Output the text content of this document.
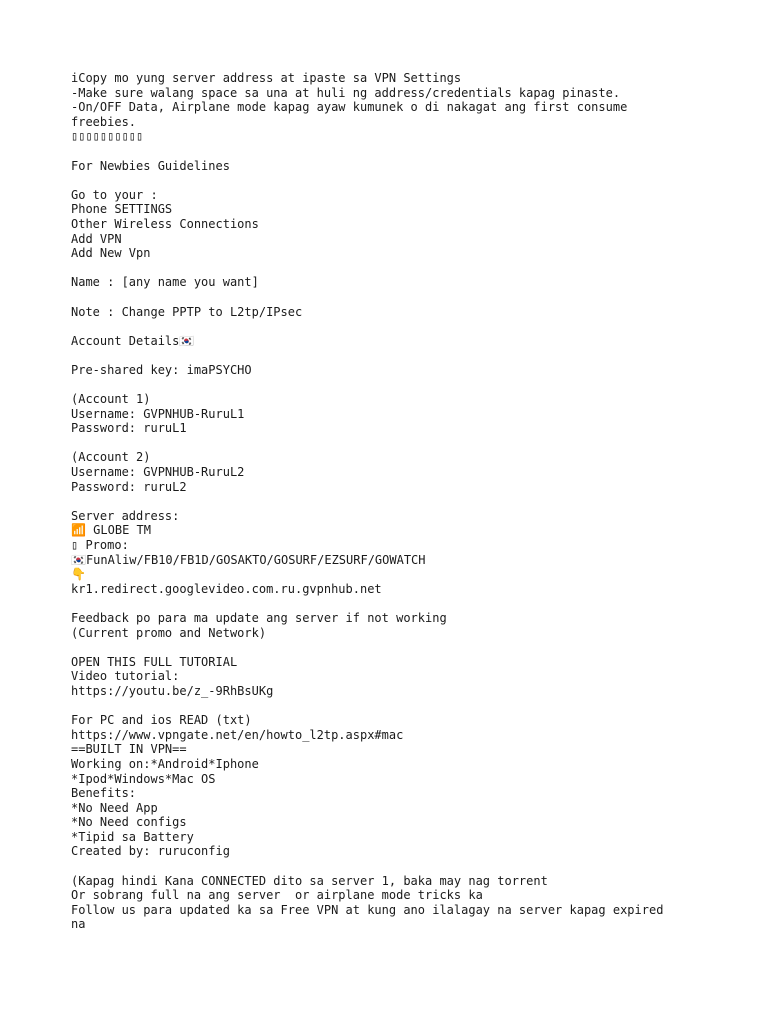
iCopy mo yung server address at ipaste sa VPN Settings
-Make sure walang space sa una at huli ng address/credentials kapag pinaste.
-On/OFF Data, Airplane mode kapag ayaw kumunek o di nakagat ang first consume
freebies.
▯▯▯▯▯▯▯▯▯▯
For Newbies Guidelines
Go to your :
Phone SETTINGS
Other Wireless Connections
Add VPN
Add New Vpn
Name : [any name you want]
Note : Change PPTP to L2tp/IPsec
Account Details🇰🇷
Pre-shared key: imaPSYCHO
(Account 1)
Username: GVPNHUB-RuruL1
Password: ruruL1
(Account 2)
Username: GVPNHUB-RuruL2
Password: ruruL2
Server address:
📶 GLOBE TM
▯ Promo:
🇰🇷FunAliw/FB10/FB1D/GOSAKTO/GOSURF/EZSURF/GOWATCH
👇
kr1.redirect.googlevideo.com.ru.gvpnhub.net
Feedback po para ma update ang server if not working
(Current promo and Network)
OPEN THIS FULL TUTORIAL
Video tutorial:
https://youtu.be/z_-9RhBsUKg
For PC and ios READ (txt)
https://www.vpngate.net/en/howto_l2tp.aspx#mac
==BUILT IN VPN==
Working on:*Android*Iphone
*Ipod*Windows*Mac OS
Benefits:
*No Need App
*No Need configs
*Tipid sa Battery
Created by: ruruconfig
(Kapag hindi Kana CONNECTED dito sa server 1, baka may nag torrent
Or sobrang full na ang server  or airplane mode tricks ka
Follow us para updated ka sa Free VPN at kung ano ilalagay na server kapag expired
na
